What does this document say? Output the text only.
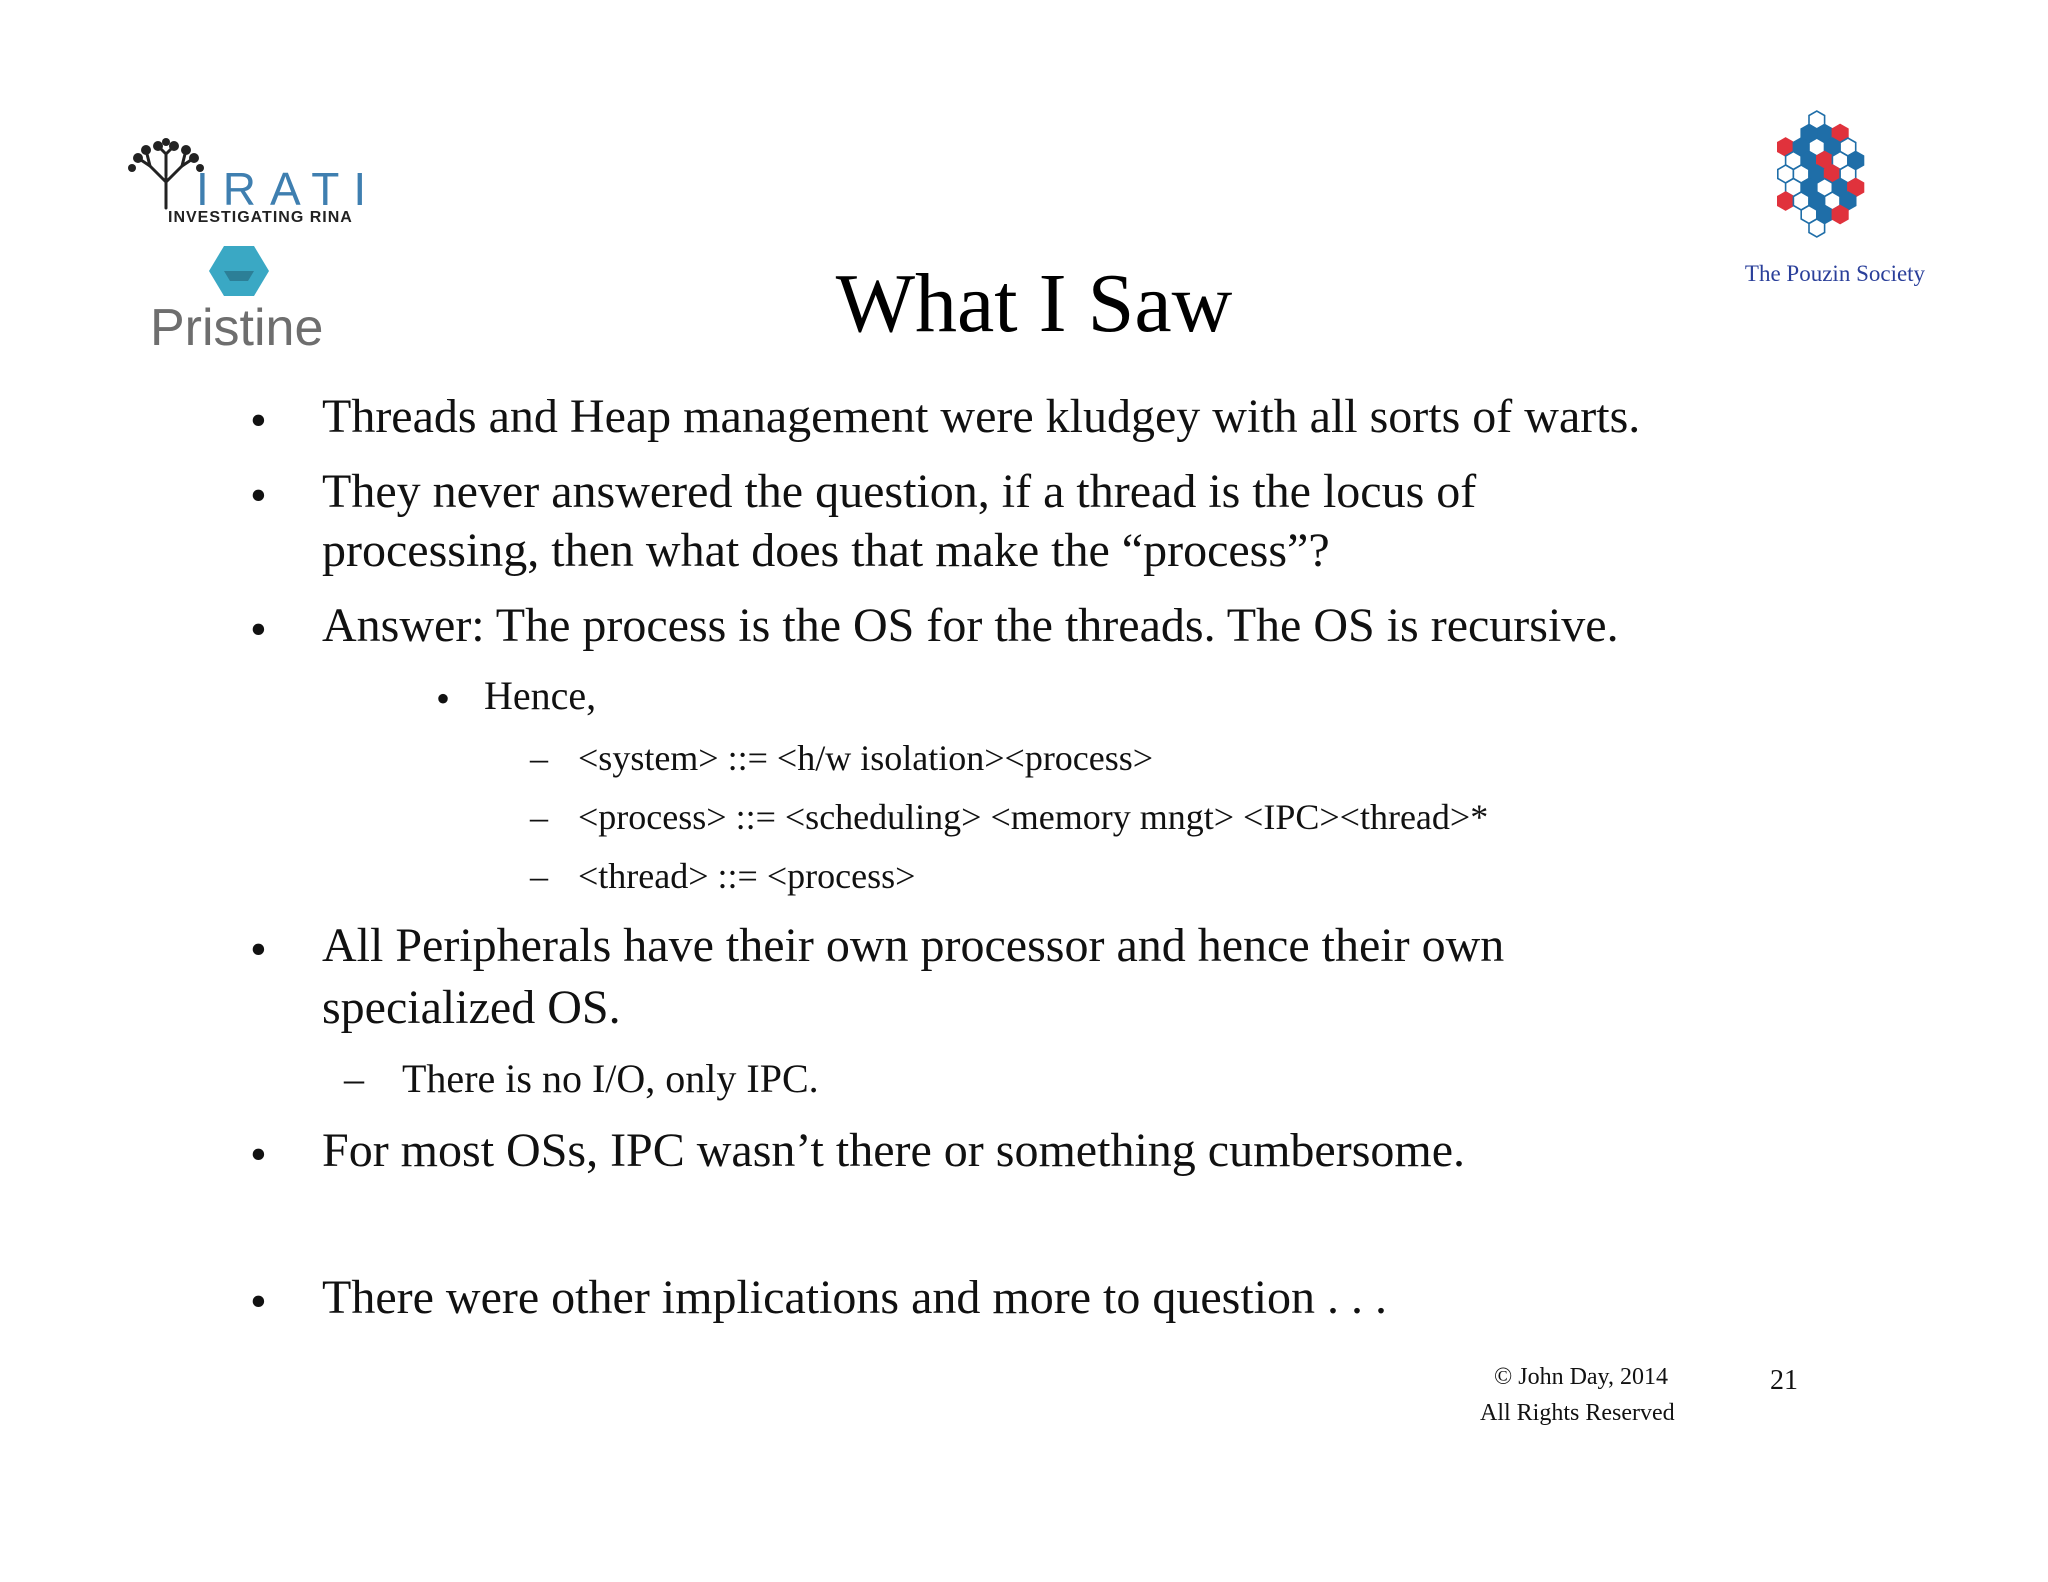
IRATI
INVESTIGATING RINA
Pristine
The Pouzin Society
What I Saw
• Threads and Heap management were kludgey with all sorts of warts.
• They never answered the question, if a thread is the locus of
processing, then what does that make the “process”?
• Answer: The process is the OS for the threads. The OS is recursive.
• Hence,
– <system> ::= <h/w isolation><process>
– <process> ::= <scheduling> <memory mngt> <IPC><thread>*
– <thread> ::= <process>
• All Peripherals have their own processor and hence their own
specialized OS.
– There is no I/O, only IPC.
• For most OSs, IPC wasn’t there or something cumbersome.
• There were other implications and more to question . . .
© John Day, 2014
All Rights Reserved
21
